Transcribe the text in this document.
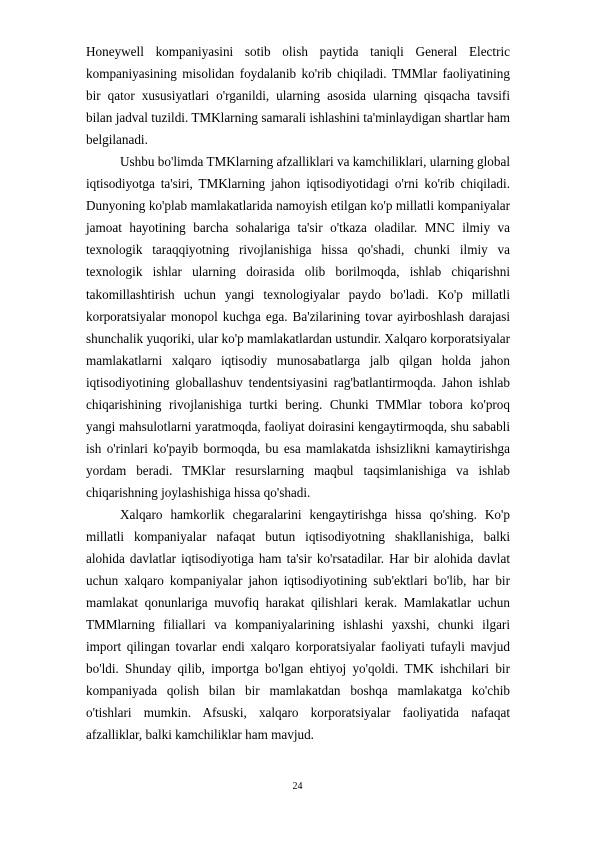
Honeywell kompaniyasini sotib olish paytida taniqli General Electric kompaniyasining misolidan foydalanib ko'rib chiqiladi. TMMlar faoliyatining bir qator xususiyatlari o'rganildi, ularning asosida ularning qisqacha tavsifi bilan jadval tuzildi. TMKlarning samarali ishlashini ta'minlaydigan shartlar ham belgilanadi.

Ushbu bo'limda TMKlarning afzalliklari va kamchiliklari, ularning global iqtisodiyotga ta'siri, TMKlarning jahon iqtisodiyotidagi o'rni ko'rib chiqiladi. Dunyoning ko'plab mamlakatlarida namoyish etilgan ko'p millatli kompaniyalar jamoat hayotining barcha sohalariga ta'sir o'tkaza oladilar. MNC ilmiy va texnologik taraqqiyotning rivojlanishiga hissa qo'shadi, chunki ilmiy va texnologik ishlar ularning doirasida olib borilmoqda, ishlab chiqarishni takomillashtirish uchun yangi texnologiyalar paydo bo'ladi. Ko'p millatli korporatsiyalar monopol kuchga ega. Ba'zilarining tovar ayirboshlash darajasi shunchalik yuqoriki, ular ko'p mamlakatlardan ustundir. Xalqaro korporatsiyalar mamlakatlarni xalqaro iqtisodiy munosabatlarga jalb qilgan holda jahon iqtisodiyotining globallashuv tendentsiyasini rag'batlantirmoqda. Jahon ishlab chiqarishining rivojlanishiga turtki bering. Chunki TMMlar tobora ko'proq yangi mahsulotlarni yaratmoqda, faoliyat doirasini kengaytirmoqda, shu sababli ish o'rinlari ko'payib bormoqda, bu esa mamlakatda ishsizlikni kamaytirishga yordam beradi. TMKlar resurslarning maqbul taqsimlanishiga va ishlab chiqarishning joylashishiga hissa qo'shadi.

Xalqaro hamkorlik chegaralarini kengaytirishga hissa qo'shing. Ko'p millatli kompaniyalar nafaqat butun iqtisodiyotning shakllanishiga, balki alohida davlatlar iqtisodiyotiga ham ta'sir ko'rsatadilar. Har bir alohida davlat uchun xalqaro kompaniyalar jahon iqtisodiyotining sub'ektlari bo'lib, har bir mamlakat qonunlariga muvofiq harakat qilishlari kerak. Mamlakatlar uchun TMMlarning filiallari va kompaniyalarining ishlashi yaxshi, chunki ilgari import qilingan tovarlar endi xalqaro korporatsiyalar faoliyati tufayli mavjud bo'ldi. Shunday qilib, importga bo'lgan ehtiyoj yo'qoldi. TMK ishchilari bir kompaniyada qolish bilan bir mamlakatdan boshqa mamlakatga ko'chib o'tishlari mumkin. Afsuski, xalqaro korporatsiyalar faoliyatida nafaqat afzalliklar, balki kamchiliklar ham mavjud.

24
